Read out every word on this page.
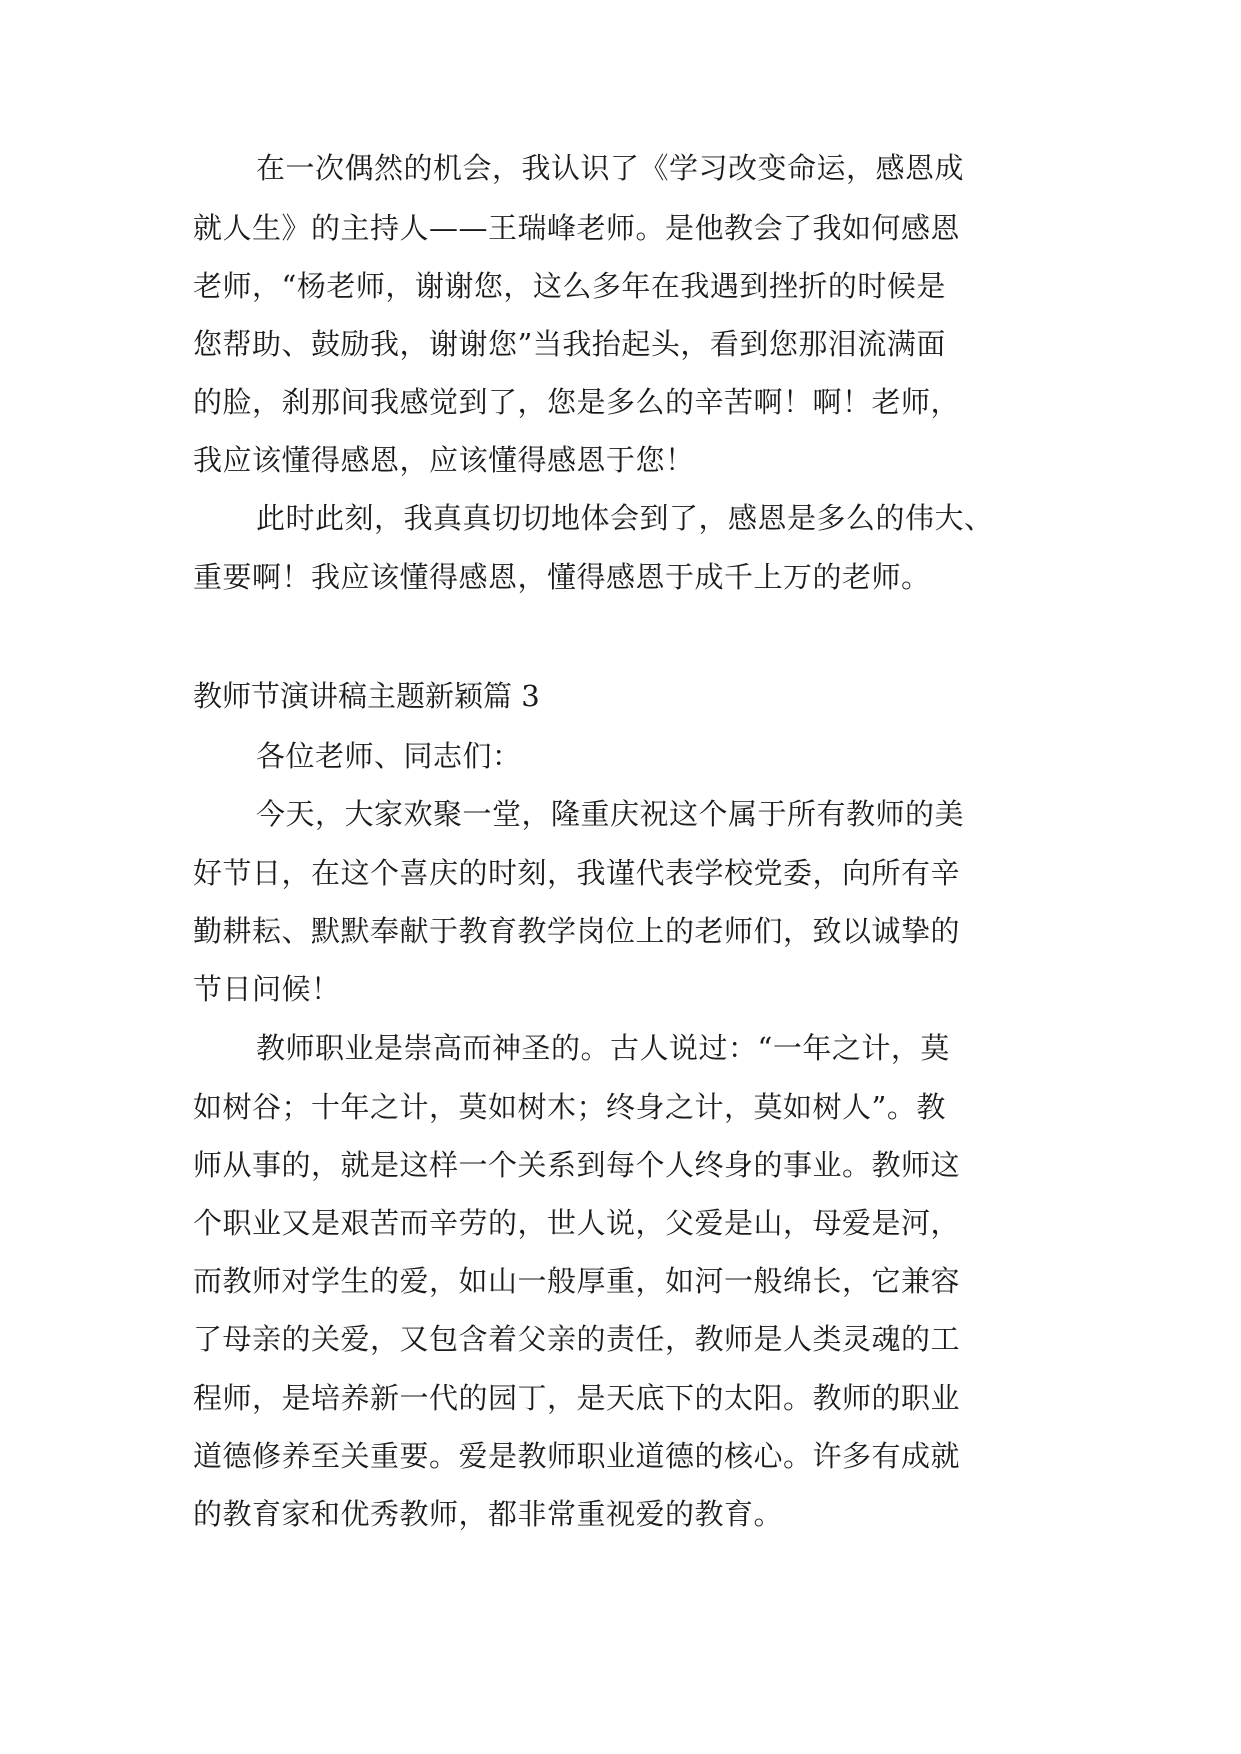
在一次偶然的机会，我认识了《学习改变命运，感恩成
就人生》的主持人——王瑞峰老师。是他教会了我如何感恩
老师，“杨老师，谢谢您，这么多年在我遇到挫折的时候是
您帮助、鼓励我，谢谢您”当我抬起头，看到您那泪流满面
的脸，刹那间我感觉到了，您是多么的辛苦啊！啊！老师，
我应该懂得感恩，应该懂得感恩于您！
此时此刻，我真真切切地体会到了，感恩是多么的伟大、
重要啊！我应该懂得感恩，懂得感恩于成千上万的老师。
教师节演讲稿主题新颖篇 3
各位老师、同志们：
今天，大家欢聚一堂，隆重庆祝这个属于所有教师的美
好节日，在这个喜庆的时刻，我谨代表学校党委，向所有辛
勤耕耘、默默奉献于教育教学岗位上的老师们，致以诚挚的
节日问候！
教师职业是崇高而神圣的。古人说过：“一年之计，莫
如树谷；十年之计，莫如树木；终身之计，莫如树人”。教
师从事的，就是这样一个关系到每个人终身的事业。教师这
个职业又是艰苦而辛劳的，世人说，父爱是山，母爱是河，
而教师对学生的爱，如山一般厚重，如河一般绵长，它兼容
了母亲的关爱，又包含着父亲的责任，教师是人类灵魂的工
程师，是培养新一代的园丁，是天底下的太阳。教师的职业
道德修养至关重要。爱是教师职业道德的核心。许多有成就
的教育家和优秀教师，都非常重视爱的教育。
